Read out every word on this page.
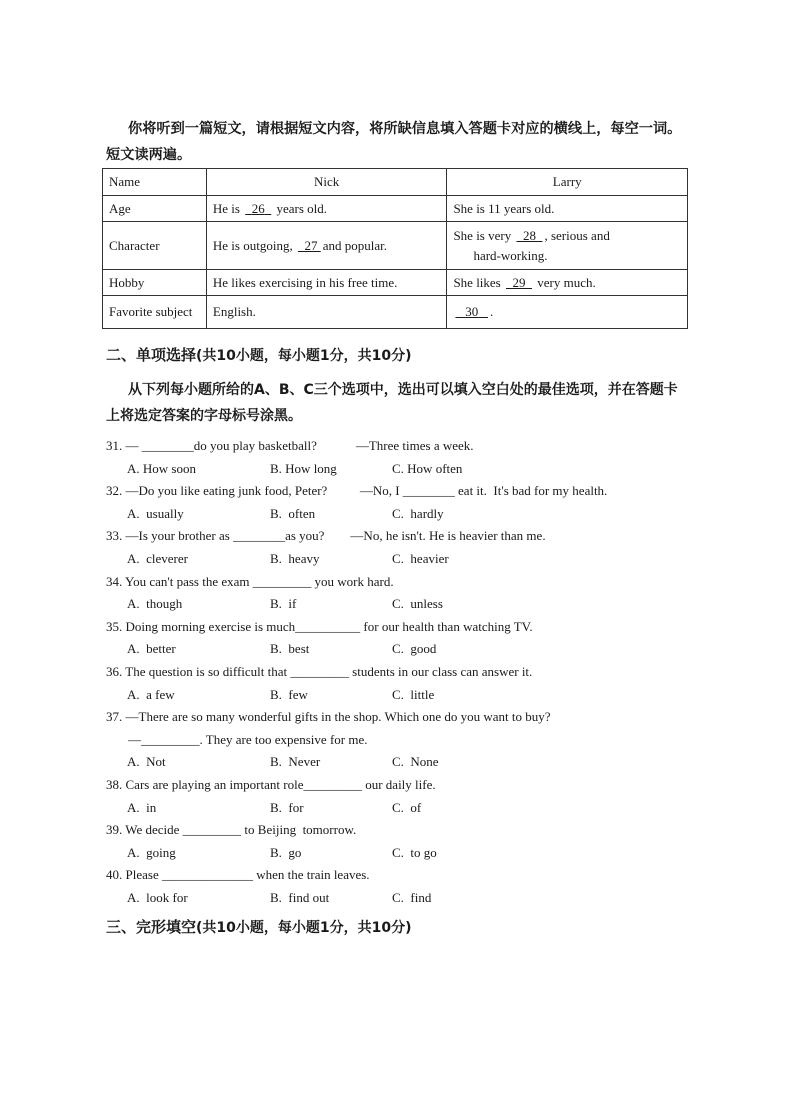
你将听到一篇短文，请根据短文内容，将所缺信息填入答题卡对应的横线上，每空一词。短文读两遍。
Name	Nick	Larry
Age	He is   26   years old.	She is 11 years old.
Character	He is outgoing,   27 and popular.	She is very   28 , serious and
hard-working.
Hobby	He likes exercising in his free time.	She likes   29   very much.
Favorite subject	English.	30 .
二、单项选择(共10小题，每小题1分，共10分)
从下列每小题所给的A、B、C三个选项中，选出可以填入空白处的最佳选项，并在答题卡上将选定答案的字母标号涂黑。
31. — ________do you play basketball?            —Three times a week.
A. How soon	B. How long	C. How often
32. —Do you like eating junk food, Peter?          —No, I ________ eat it.  It's bad for my health.
A.  usually	B.  often	C.  hardly
33. —Is your brother as ________as you?        —No, he isn't. He is heavier than me.
A.  cleverer	B.  heavy	C.  heavier
34. You can't pass the exam _________ you work hard.
A.  though	B.  if	C.  unless
35. Doing morning exercise is much__________ for our health than watching TV.
A.  better	B.  best	C.  good
36. The question is so difficult that _________ students in our class can answer it.
A.  a few	B.  few	C.  little
37. —There are so many wonderful gifts in the shop. Which one do you want to buy?
—_________. They are too expensive for me.
A.  Not	B.  Never	C.  None
38. Cars are playing an important role_________ our daily life.
A.  in	B.  for	C.  of
39. We decide _________ to Beijing  tomorrow.
A.  going	B.  go	C.  to go
40. Please ______________ when the train leaves.
A.  look for	B.  find out	C.  find
三、完形填空(共10小题，每小题1分，共10分)
